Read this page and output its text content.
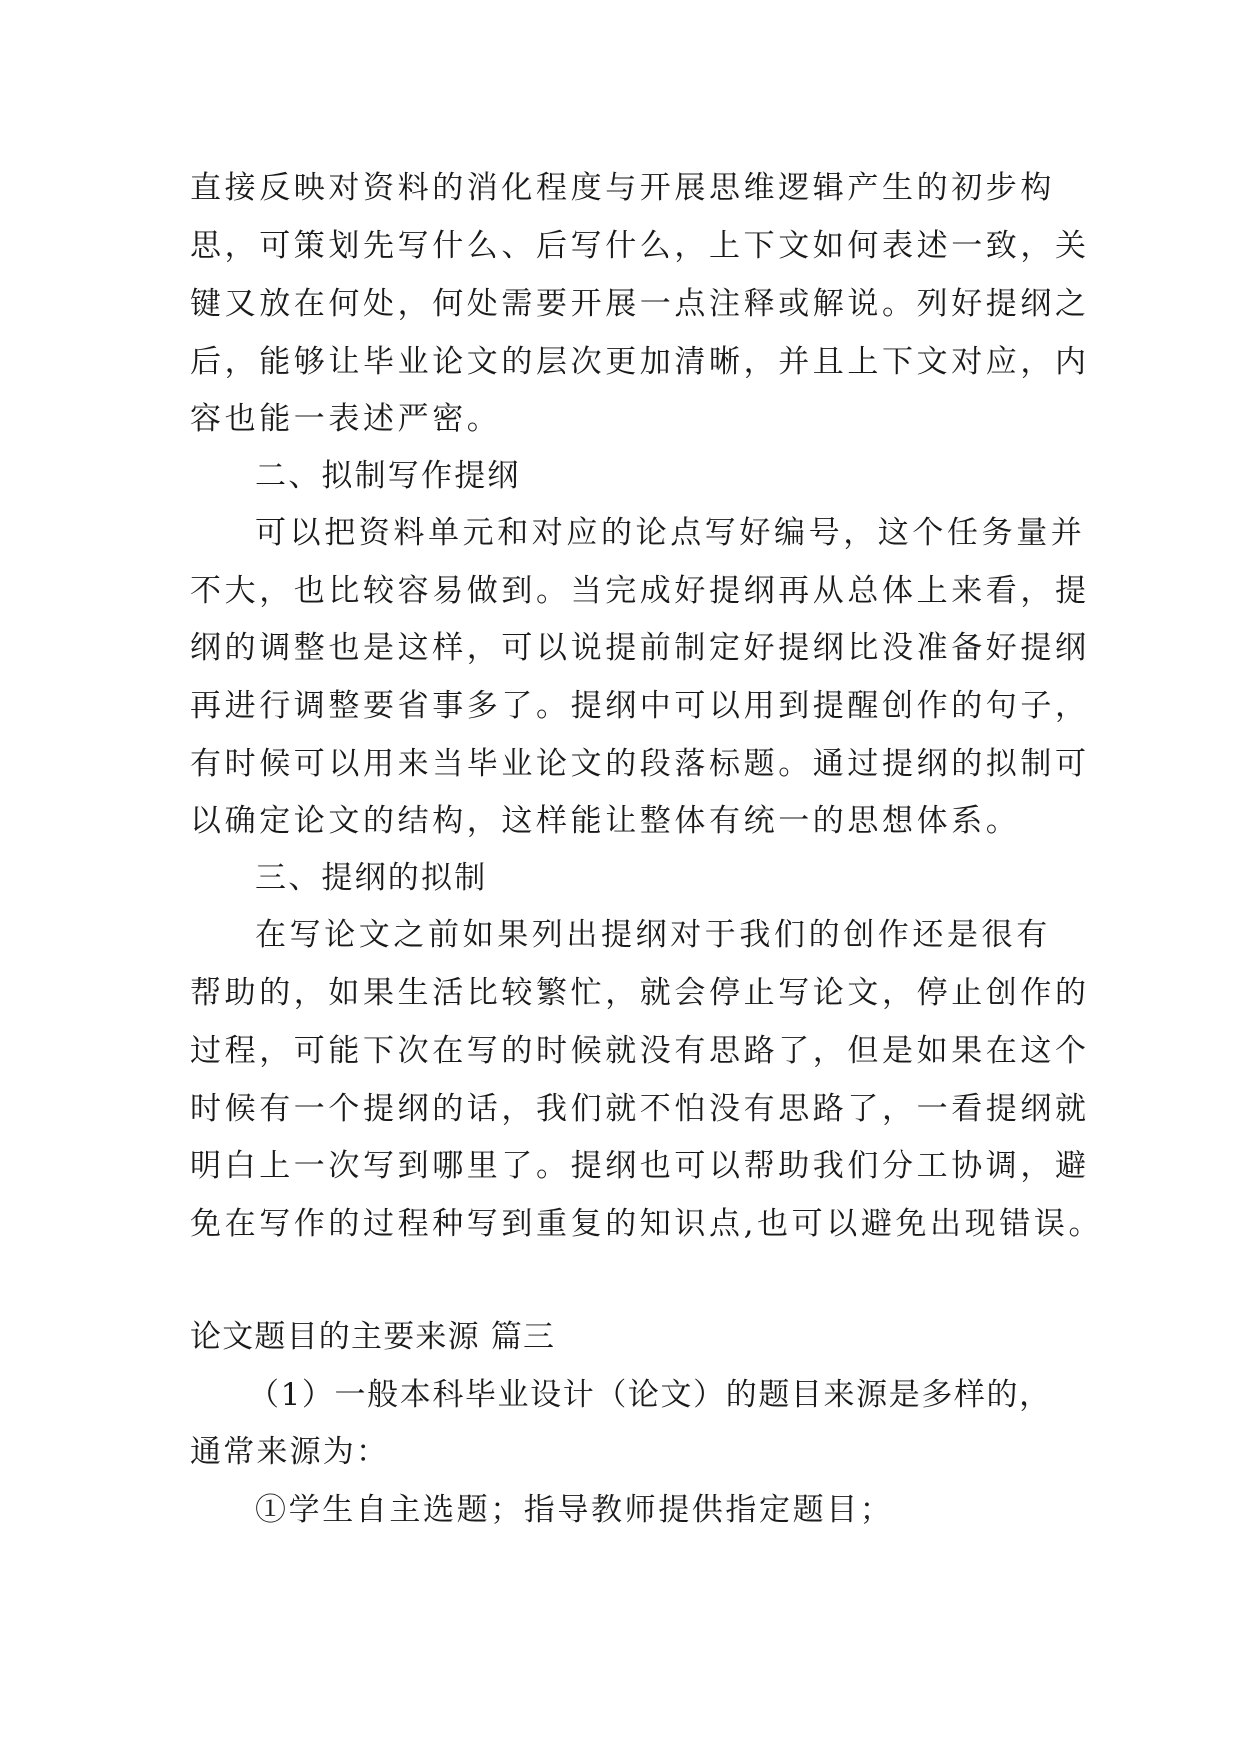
直接反映对资料的消化程度与开展思维逻辑产生的初步构
思，可策划先写什么、后写什么，上下文如何表述一致，关
键又放在何处，何处需要开展一点注释或解说。列好提纲之
后，能够让毕业论文的层次更加清晰，并且上下文对应，内
容也能一表述严密。
二、拟制写作提纲
可以把资料单元和对应的论点写好编号，这个任务量并
不大，也比较容易做到。当完成好提纲再从总体上来看，提
纲的调整也是这样，可以说提前制定好提纲比没准备好提纲
再进行调整要省事多了。提纲中可以用到提醒创作的句子，
有时候可以用来当毕业论文的段落标题。通过提纲的拟制可
以确定论文的结构，这样能让整体有统一的思想体系。
三、提纲的拟制
在写论文之前如果列出提纲对于我们的创作还是很有
帮助的，如果生活比较繁忙，就会停止写论文，停止创作的
过程，可能下次在写的时候就没有思路了，但是如果在这个
时候有一个提纲的话，我们就不怕没有思路了，一看提纲就
明白上一次写到哪里了。提纲也可以帮助我们分工协调，避
免在写作的过程种写到重复的知识点,也可以避免出现错误。
论文题目的主要来源 篇三
（1）一般本科毕业设计（论文）的题目来源是多样的，
通常来源为：
①学生自主选题；指导教师提供指定题目；
